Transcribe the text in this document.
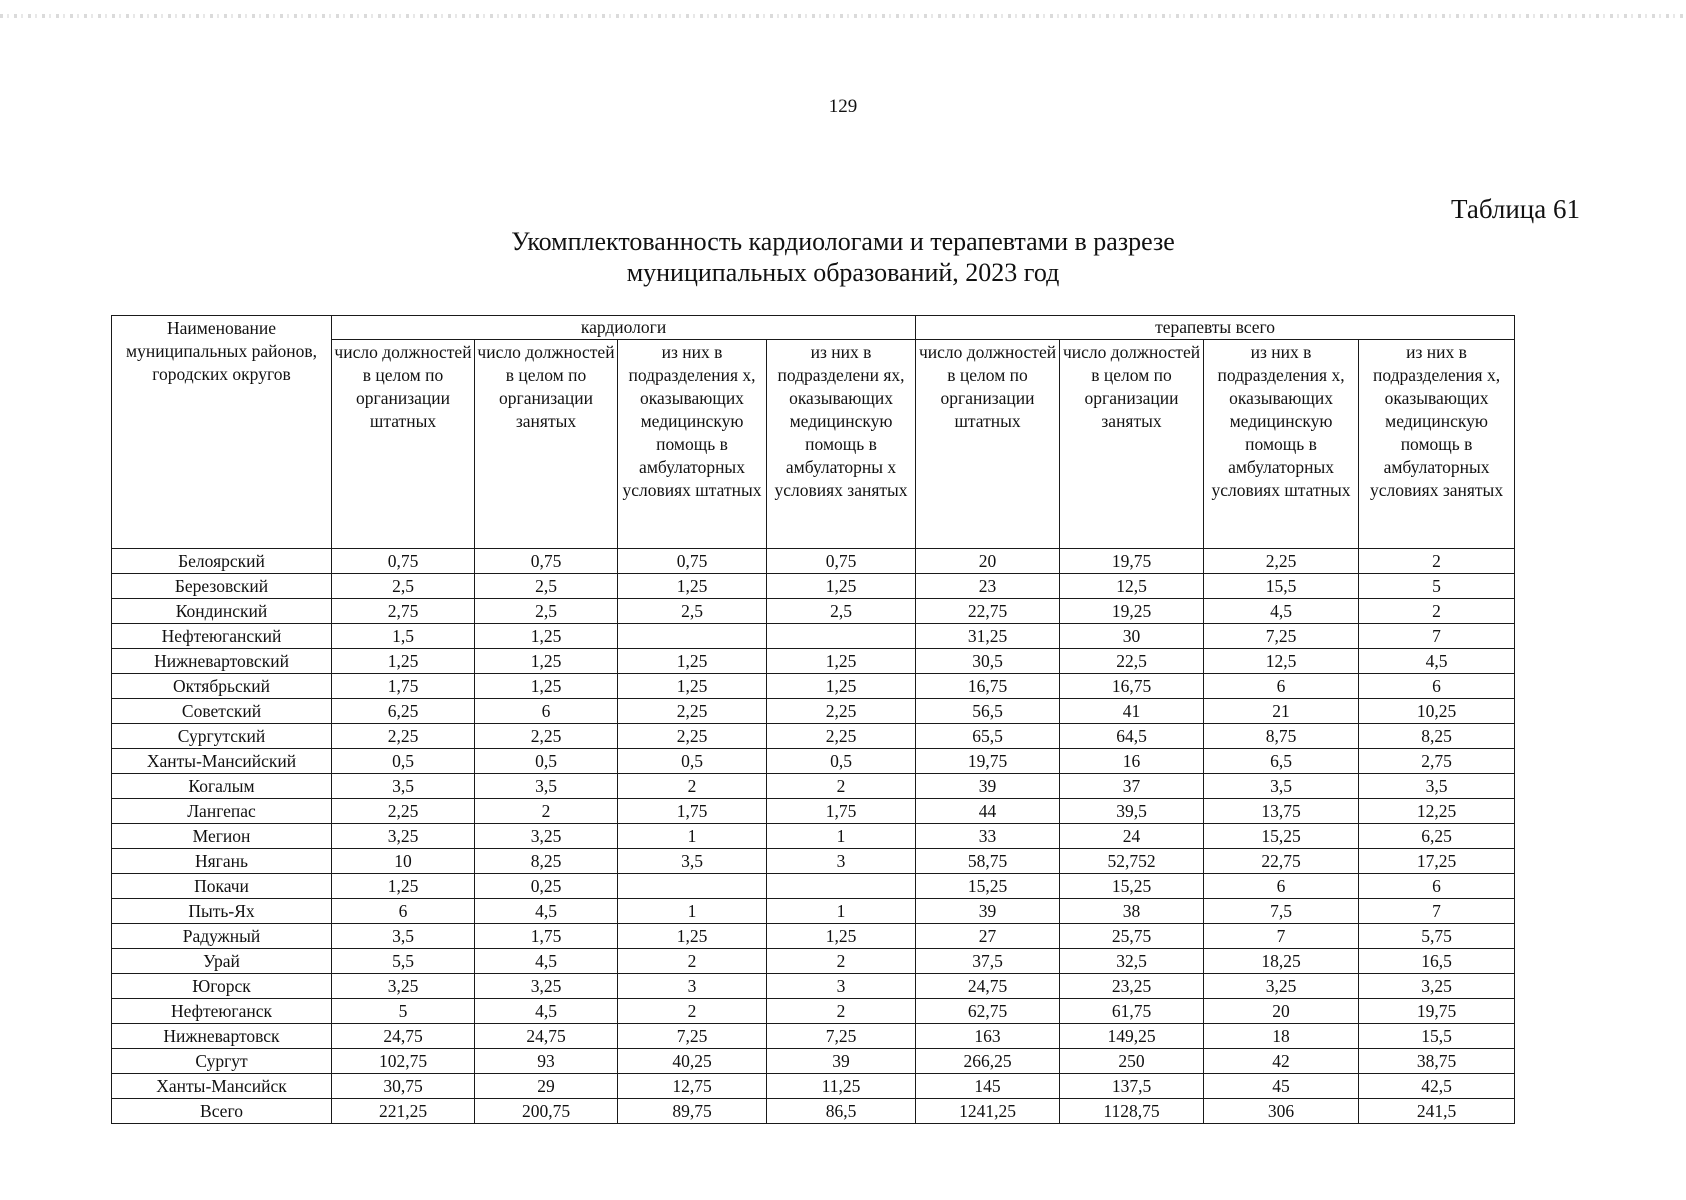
129
Таблица 61
Укомплектованность кардиологами и терапевтами в разрезе
муниципальных образований, 2023 год
Наименование муниципальных районов, городских округов	кардиологи				терапевты всего			
	число должностей в целом по организации штатных	число должностей в целом по организации занятых	из них в подразделения х, оказывающих медицинскую помощь в амбулаторных условиях штатных	из них в подразделени ях, оказывающих медицинскую помощь в амбулаторны х условиях занятых	число должностей в целом по организации штатных	число должностей в целом по организации занятых	из них в подразделения х, оказывающих медицинскую помощь в амбулаторных условиях штатных	из них в подразделения х, оказывающих медицинскую помощь в амбулаторных условиях занятых
Белоярский	0,75	0,75	0,75	0,75	20	19,75	2,25	2
Березовский	2,5	2,5	1,25	1,25	23	12,5	15,5	5
Кондинский	2,75	2,5	2,5	2,5	22,75	19,25	4,5	2
Нефтеюганский	1,5	1,25			31,25	30	7,25	7
Нижневартовский	1,25	1,25	1,25	1,25	30,5	22,5	12,5	4,5
Октябрьский	1,75	1,25	1,25	1,25	16,75	16,75	6	6
Советский	6,25	6	2,25	2,25	56,5	41	21	10,25
Сургутский	2,25	2,25	2,25	2,25	65,5	64,5	8,75	8,25
Ханты-Мансийский	0,5	0,5	0,5	0,5	19,75	16	6,5	2,75
Когалым	3,5	3,5	2	2	39	37	3,5	3,5
Лангепас	2,25	2	1,75	1,75	44	39,5	13,75	12,25
Мегион	3,25	3,25	1	1	33	24	15,25	6,25
Нягань	10	8,25	3,5	3	58,75	52,752	22,75	17,25
Покачи	1,25	0,25			15,25	15,25	6	6
Пыть-Ях	6	4,5	1	1	39	38	7,5	7
Радужный	3,5	1,75	1,25	1,25	27	25,75	7	5,75
Урай	5,5	4,5	2	2	37,5	32,5	18,25	16,5
Югорск	3,25	3,25	3	3	24,75	23,25	3,25	3,25
Нефтеюганск	5	4,5	2	2	62,75	61,75	20	19,75
Нижневартовск	24,75	24,75	7,25	7,25	163	149,25	18	15,5
Сургут	102,75	93	40,25	39	266,25	250	42	38,75
Ханты-Мансийск	30,75	29	12,75	11,25	145	137,5	45	42,5
Всего	221,25	200,75	89,75	86,5	1241,25	1128,75	306	241,5
